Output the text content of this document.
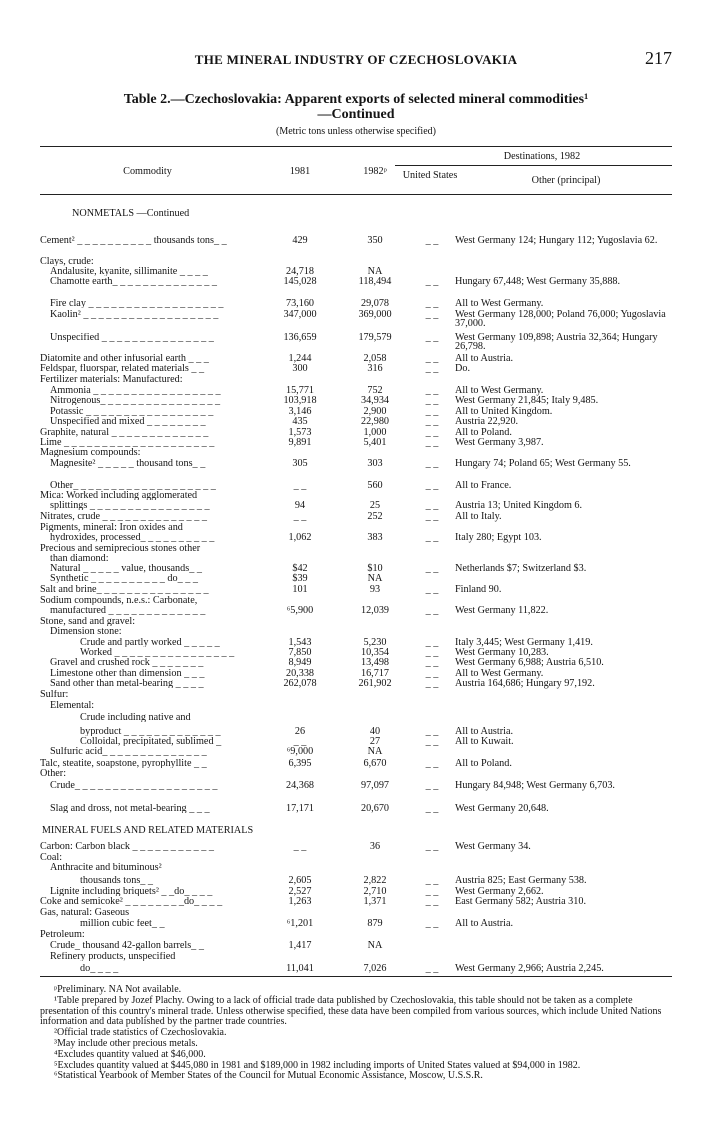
THE MINERAL INDUSTRY OF CZECHOSLOVAKIA	217
Table 2.—Czechoslovakia: Apparent exports of selected mineral commodities¹
—Continued
(Metric tons unless otherwise specified)
Commodity	1981	1982ᵖ
Destinations, 1982
United States	Other (principal)
NONMETALS —Continued
Cement² _ _ _ _ _ _ _ _ _ _ thousands tons_ _	429	350	_ _	West Germany 124; Hungary 112; Yugoslavia 62.
Clays, crude:
Andalusite, kyanite, sillimanite _ _ _ _	24,718	NA
Chamotte earth_ _ _ _ _ _ _ _ _ _ _ _ _ _	145,028	118,494	_ _	Hungary 67,448; West Germany 35,888.
Fire clay _ _ _ _ _ _ _ _ _ _ _ _ _ _ _ _ _ _	73,160	29,078	_ _	All to West Germany.
Kaolin² _ _ _ _ _ _ _ _ _ _ _ _ _ _ _ _ _ _	347,000	369,000	_ _	West Germany 128,000; Poland 76,000; Yugoslavia 37,000.
Unspecified _ _ _ _ _ _ _ _ _ _ _ _ _ _ _	136,659	179,579	_ _	West Germany 109,898; Austria 32,364; Hungary 26,798.
Diatomite and other infusorial earth _ _ _	1,244	2,058	_ _	All to Austria.
Feldspar, fluorspar, related materials _ _	300	316	_ _	Do.
Fertilizer materials: Manufactured:
Ammonia _ _ _ _ _ _ _ _ _ _ _ _ _ _ _ _ _	15,771	752	_ _	All to West Germany.
Nitrogenous_ _ _ _ _ _ _ _ _ _ _ _ _ _ _ _	103,918	34,934	_ _	West Germany 21,845; Italy 9,485.
Potassic _ _ _ _ _ _ _ _ _ _ _ _ _ _ _ _ _	3,146	2,900	_ _	All to United Kingdom.
Unspecified and mixed _ _ _ _ _ _ _ _	435	22,980	_ _	Austria 22,920.
Graphite, natural _ _ _ _ _ _ _ _ _ _ _ _ _	1,573	1,000	_ _	All to Poland.
Lime _ _ _ _ _ _ _ _ _ _ _ _ _ _ _ _ _ _ _ _	9,891	5,401	_ _	West Germany 3,987.
Magnesium compounds:
Magnesite² _ _ _ _ _ thousand tons_ _	305	303	_ _	Hungary 74; Poland 65; West Germany 55.
Other_ _ _ _ _ _ _ _ _ _ _ _ _ _ _ _ _ _ _	_ _	560	_ _	All to France.
Mica: Worked including agglomerated
splittings _ _ _ _ _ _ _ _ _ _ _ _ _ _ _ _	94	25	_ _	Austria 13; United Kingdom 6.
Nitrates, crude _ _ _ _ _ _ _ _ _ _ _ _ _ _	_ _	252	_ _	All to Italy.
Pigments, mineral: Iron oxides and
hydroxides, processed_ _ _ _ _ _ _ _ _ _	1,062	383	_ _	Italy 280; Egypt 103.
Precious and semiprecious stones other
than diamond:
Natural _ _ _ _ _ value, thousands_ _	$42	$10	_ _	Netherlands $7; Switzerland $3.
Synthetic _ _ _ _ _ _ _ _ _ _ do_ _ _	$39	NA
Salt and brine_ _ _ _ _ _ _ _ _ _ _ _ _ _ _	101	93	_ _	Finland 90.
Sodium compounds, n.e.s.: Carbonate,
manufactured _ _ _ _ _ _ _ _ _ _ _ _ _	⁶5,900	12,039	_ _	West Germany 11,822.
Stone, sand and gravel:
Dimension stone:
Crude and partly worked _ _ _ _ _	1,543	5,230	_ _	Italy 3,445; West Germany 1,419.
Worked _ _ _ _ _ _ _ _ _ _ _ _ _ _ _ _	7,850	10,354	_ _	West Germany 10,283.
Gravel and crushed rock _ _ _ _ _ _ _	8,949	13,498	_ _	West Germany 6,988; Austria 6,510.
Limestone other than dimension _ _ _	20,338	16,717	_ _	All to West Germany.
Sand other than metal-bearing _ _ _ _	262,078	261,902	_ _	Austria 164,686; Hungary 97,192.
Sulfur:
Elemental:
Crude including native and
byproduct _ _ _ _ _ _ _ _ _ _ _ _ _	26	40	_ _	All to Austria.
Colloidal, precipitated, sublimed _	_ _	27	_ _	All to Kuwait.
Sulfuric acid_ _ _ _ _ _ _ _ _ _ _ _ _ _	⁶9,000	NA
Talc, steatite, soapstone, pyrophyllite _ _	6,395	6,670	_ _	All to Poland.
Other:
Crude_ _ _ _ _ _ _ _ _ _ _ _ _ _ _ _ _ _ _	24,368	97,097	_ _	Hungary 84,948; West Germany 6,703.
Slag and dross, not metal-bearing _ _ _	17,171	20,670	_ _	West Germany 20,648.
MINERAL FUELS AND RELATED MATERIALS
Carbon: Carbon black _ _ _ _ _ _ _ _ _ _ _	_ _	36	_ _	West Germany 34.
Coal:
Anthracite and bituminous²
thousands tons_ _	2,605	2,822	_ _	Austria 825; East Germany 538.
Lignite including briquets² _ _do_ _ _ _	2,527	2,710	_ _	West Germany 2,662.
Coke and semicoke² _ _ _ _ _ _ _ _do_ _ _ _	1,263	1,371	_ _	East Germany 582; Austria 310.
Gas, natural: Gaseous
million cubic feet_ _	⁶1,201	879	_ _	All to Austria.
Petroleum:
Crude_ thousand 42-gallon barrels_ _	1,417	NA
Refinery products, unspecified
do_ _ _ _	11,041	7,026	_ _	West Germany 2,966; Austria 2,245.

ᵖPreliminary. NA Not available.

¹Table prepared by Jozef Plachy. Owing to a lack of official trade data published by Czechoslovakia, this table should not be taken as a complete presentation of this country's mineral trade. Unless otherwise specified, these data have been compiled from various sources, which include United Nations information and data published by the partner trade countries.

²Official trade statistics of Czechoslovakia.

³May include other precious metals.

⁴Excludes quantity valued at $46,000.

⁵Excludes quantity valued at $445,080 in 1981 and $189,000 in 1982 including imports of United States valued at $94,000 in 1982.

⁶Statistical Yearbook of Member States of the Council for Mutual Economic Assistance, Moscow, U.S.S.R.
